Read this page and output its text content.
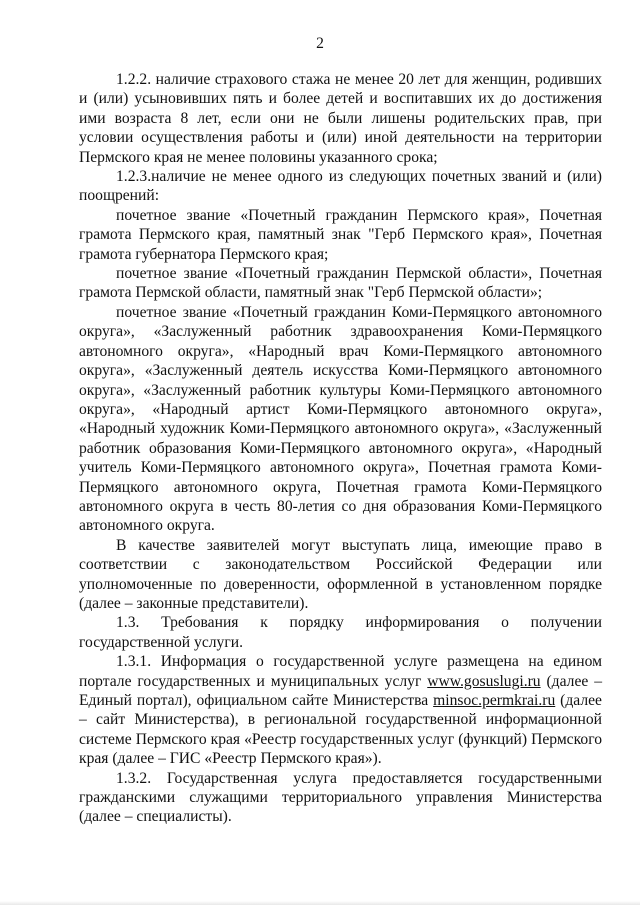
2

1.2.2. наличие страхового стажа не менее 20 лет для женщин, родивших и (или) усыновивших пять и более детей и воспитавших их до достижения ими возраста 8 лет, если они не были лишены родительских прав, при условии осуществления работы и (или) иной деятельности на территории Пермского края не менее половины указанного срока;

1.2.3.наличие не менее одного из следующих почетных званий и (или) поощрений:

почетное звание «Почетный гражданин Пермского края», Почетная грамота Пермского края, памятный знак "Герб Пермского края», Почетная грамота губернатора Пермского края;

почетное звание «Почетный гражданин Пермской области», Почетная грамота Пермской области, памятный знак "Герб Пермской области»;

почетное звание «Почетный гражданин Коми-Пермяцкого автономного округа», «Заслуженный работник здравоохранения Коми-Пермяцкого автономного округа», «Народный врач Коми-Пермяцкого автономного округа», «Заслуженный деятель искусства Коми-Пермяцкого автономного округа», «Заслуженный работник культуры Коми-Пермяцкого автономного округа», «Народный артист Коми-Пермяцкого автономного округа», «Народный художник Коми-Пермяцкого автономного округа», «Заслуженный работник образования Коми-Пермяцкого автономного округа», «Народный учитель Коми-Пермяцкого автономного округа», Почетная грамота Коми-Пермяцкого автономного округа, Почетная грамота Коми-Пермяцкого автономного округа в честь 80-летия со дня образования Коми-Пермяцкого автономного округа.

В качестве заявителей могут выступать лица, имеющие право в соответствии с законодательством Российской Федерации или уполномоченные по доверенности, оформленной в установленном порядке (далее – законные представители).

1.3. Требования к порядку информирования о получении государственной услуги.

1.3.1. Информация о государственной услуге размещена на едином портале государственных и муниципальных услуг www.gosuslugi.ru (далее – Единый портал), официальном сайте Министерства minsoc.permkrai.ru (далее – сайт Министерства), в региональной государственной информационной системе Пермского края «Реестр государственных услуг (функций) Пермского края (далее – ГИС «Реестр Пермского края»).

1.3.2. Государственная услуга предоставляется государственными гражданскими служащими территориального управления Министерства (далее – специалисты).
